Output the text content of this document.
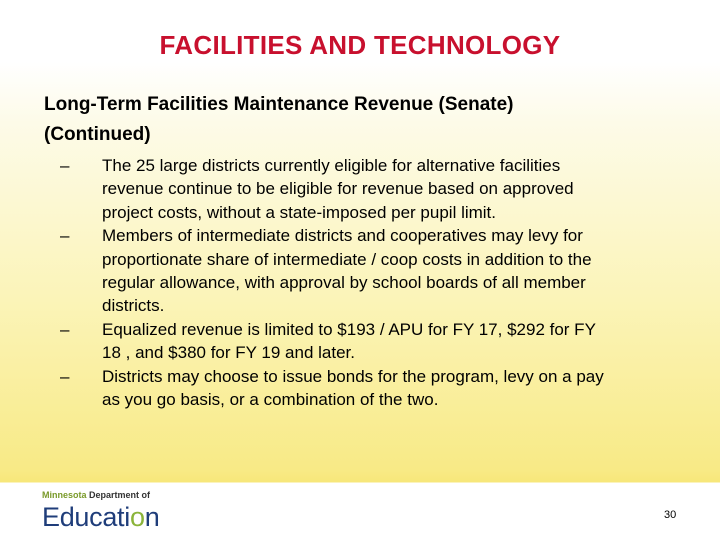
FACILITIES AND TECHNOLOGY
Long-Term Facilities Maintenance Revenue (Senate)
(Continued)
– The 25 large districts currently eligible for alternative facilities
revenue continue to be eligible for revenue based on approved
project costs, without a state-imposed per pupil limit.
– Members of intermediate districts and cooperatives may levy for
proportionate share of intermediate / coop costs in addition to the
regular allowance, with approval by school boards of all member
districts.
– Equalized revenue is limited to $193 / APU for FY 17, $292 for FY
18 , and $380 for FY 19 and later.
– Districts may choose to issue bonds for the program, levy on a pay
as you go basis, or a combination of the two.
Minnesota Department of
Education	30
